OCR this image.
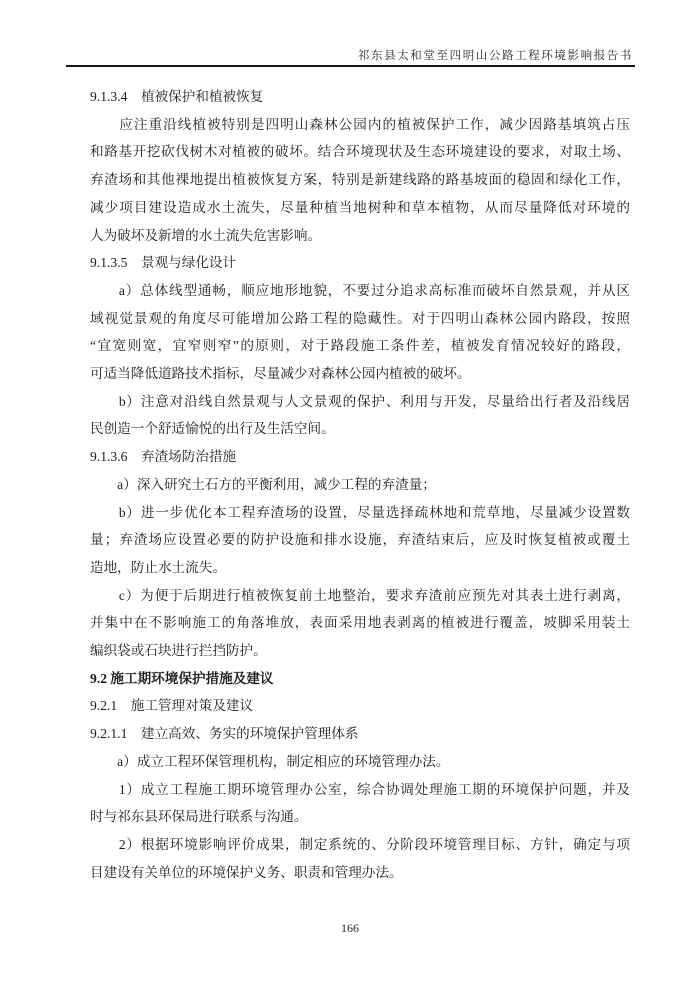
祁东县太和堂至四明山公路工程环境影响报告书
9.1.3.4　植被保护和植被恢复
　　应注重沿线植被特别是四明山森林公园内的植被保护工作，减少因路基填筑占压
和路基开挖砍伐树木对植被的破坏。结合环境现状及生态环境建设的要求，对取土场、
弃渣场和其他裸地提出植被恢复方案，特别是新建线路的路基坡面的稳固和绿化工作，
减少项目建设造成水土流失，尽量种植当地树种和草本植物，从而尽量降低对环境的
人为破坏及新增的水土流失危害影响。
9.1.3.5　景观与绿化设计
　　a）总体线型通畅，顺应地形地貌，不要过分追求高标准而破坏自然景观，并从区
域视觉景观的角度尽可能增加公路工程的隐藏性。对于四明山森林公园内路段，按照
“宜宽则宽，宜窄则窄”的原则，对于路段施工条件差，植被发育情况较好的路段，
可适当降低道路技术指标，尽量减少对森林公园内植被的破坏。
　　b）注意对沿线自然景观与人文景观的保护、利用与开发，尽量给出行者及沿线居
民创造一个舒适愉悦的出行及生活空间。
9.1.3.6　弃渣场防治措施
　　a）深入研究土石方的平衡利用，减少工程的弃渣量；
　　b）进一步优化本工程弃渣场的设置，尽量选择疏林地和荒草地，尽量减少设置数
量；弃渣场应设置必要的防护设施和排水设施，弃渣结束后，应及时恢复植被或覆土
造地，防止水土流失。
　　c）为便于后期进行植被恢复前土地整治，要求弃渣前应预先对其表土进行剥离，
并集中在不影响施工的角落堆放，表面采用地表剥离的植被进行覆盖，坡脚采用装土
编织袋或石块进行拦挡防护。
9.2 施工期环境保护措施及建议
9.2.1　施工管理对策及建议
9.2.1.1　建立高效、务实的环境保护管理体系
　　a）成立工程环保管理机构，制定相应的环境管理办法。
　　1）成立工程施工期环境管理办公室，综合协调处理施工期的环境保护问题，并及
时与祁东县环保局进行联系与沟通。
　　2）根据环境影响评价成果，制定系统的、分阶段环境管理目标、方针，确定与项
目建设有关单位的环境保护义务、职责和管理办法。
166
